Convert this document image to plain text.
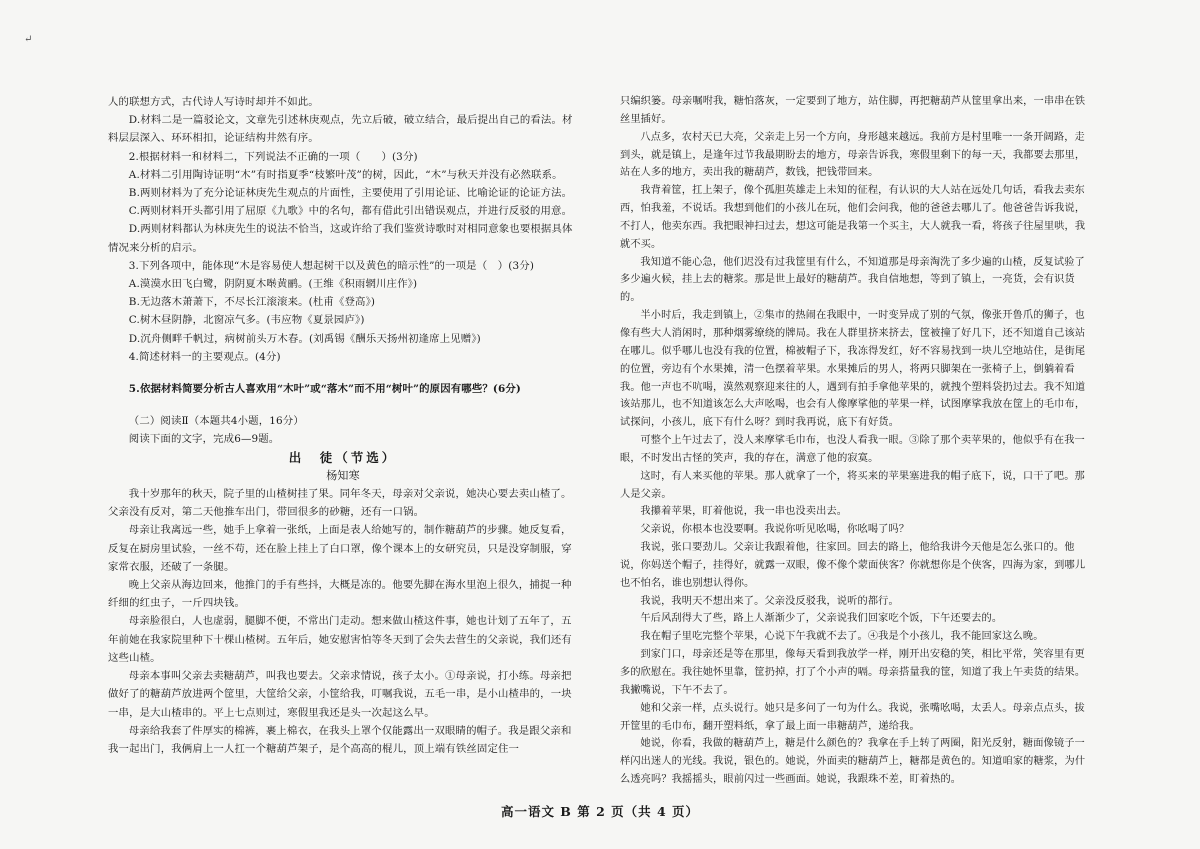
↵

人的联想方式，古代诗人写诗时却并不如此。

D.材料二是一篇驳论文，文章先引述林庚观点，先立后破，破立结合，最后提出自己的看法。材料层层深入、环环相扣，论证结构井然有序。

2.根据材料一和材料二，下列说法不正确的一项（　　）(3分)

A.材料二引用陶诗证明“木”有时指夏季“枝繁叶茂”的树，因此，“木”与秋天并没有必然联系。

B.两则材料为了充分论证林庚先生观点的片面性，主要使用了引用论证、比喻论证的论证方法。

C.两则材料开头都引用了屈原《九歌》中的名句，都有借此引出错误观点，并进行反驳的用意。

D.两则材料都认为林庚先生的说法不恰当，这或许给了我们鉴赏诗歌时对相同意象也要根据具体情况来分析的启示。

3.下列各项中，能体现“木是容易使人想起树干以及黄色的暗示性”的一项是（　）(3分)

A.漠漠水田飞白鹭，阴阴夏木啭黄鹂。(王维《积雨辋川庄作》)

B.无边落木萧萧下，不尽长江滚滚来。(杜甫《登高》)

C.树木昼阴静，北窗凉气多。(韦应物《夏景园庐》)

D.沉舟侧畔千帆过，病树前头万木春。(刘禹锡《酬乐天扬州初逢席上见赠》)

4.简述材料一的主要观点。(4分)

5.依据材料简要分析古人喜欢用“木叶”或“落木”而不用“树叶”的原因有哪些？(6分)

（二）阅读Ⅱ（本题共4小题，16分）

阅读下面的文字，完成6—9题。

出　徒（节选）

杨知寒

我十岁那年的秋天，院子里的山楂树挂了果。同年冬天，母亲对父亲说，她决心要去卖山楂了。父亲没有反对，第二天他推车出门，带回很多的砂糖，还有一口锅。

母亲让我离远一些，她手上拿着一张纸，上面是表人给她写的，制作糖葫芦的步骤。她反复看，反复在厨房里试验，一丝不苟，还在脸上挂上了白口罩，像个课本上的女研究员，只是没穿制服，穿家常衣服，还破了一条腿。

晚上父亲从海边回来，他推门的手有些抖，大概是冻的。他要先脚在海水里泡上很久，捕捉一种纤细的红虫子，一斤四块钱。

母亲脸很白，人也虚弱，腿脚不便，不常出门走动。想来做山楂这件事，她也计划了五年了，五年前她在我家院里种下十棵山楂树。五年后，她安慰害怕等冬天到了会失去营生的父亲说，我们还有这些山楂。

母亲本事叫父亲去卖糖葫芦，叫我也要去。父亲求情说，孩子太小。①母亲说，打小练。母亲把做好了的糖葫芦放进两个筐里，大筐给父亲，小筐给我，叮嘱我说，五毛一串，是小山楂串的，一块一串，是大山楂串的。平上七点则过，寒假里我还是头一次起这么早。

母亲给我套了件厚实的棉裤，裹上棉衣，在我头上罩个仅能露出一双眼睛的帽子。我是跟父亲和我一起出门，我俩肩上一人扛一个糖葫芦架子，是个高高的棍儿，顶上端有铁丝固定住一

只编织篓。母亲嘱咐我，糖怕落灰，一定要到了地方，站住脚，再把糖葫芦从筐里拿出来，一串串在铁丝里插好。

八点多，农村天已大亮，父亲走上另一个方向，身形越来越远。我前方是村里唯一一条开阔路，走到头，就是镇上，是逢年过节我最期盼去的地方，母亲告诉我，寒假里剩下的每一天，我都要去那里，站在人多的地方，卖出我的糖葫芦，数钱，把钱带回来。

我背着筐，扛上架子，像个孤胆英雄走上未知的征程，有认识的大人站在远处几句话，看我去卖东西，怕我羞，不说话。我想到他们的小孩儿在玩，他们会问我，他的爸爸去哪儿了。他爸爸告诉我说，不打人，他卖东西。我把眼神扫过去，想这可能是我第一个买主，大人就我一看，将孩子往屋里哄，我就不买。

我知道不能心急，他们迟没有过我筐里有什么，不知道那是母亲淘洗了多少遍的山楂，反复试验了多少遍火候，挂上去的糖浆。那是世上最好的糖葫芦。我自信地想，等到了镇上，一亮货，会有识货的。

半小时后，我走到镇上，②集市的热闹在我眼中，一时变异成了别的气氛，像张开鲁爪的狮子，也像有些大人消闲时，那种烟雾缭绕的牌局。我在人群里挤来挤去，筐被撞了好几下，还不知道自己该站在哪儿。似乎哪儿也没有我的位置，棉被帽子下，我冻得发红，好不容易找到一块儿空地站住，是街尾的位置，旁边有个水果摊，清一色摆着苹果。水果摊后的男人，将两只脚架在一张椅子上，倒躺着看我。他一声也不吭喝，漠然观察迎来往的人，遇到有拍手拿他苹果的，就拽个塑料袋扔过去。我不知道该站那儿，也不知道该怎么大声吆喝，也会有人像摩挲他的苹果一样，试图摩挲我放在筐上的毛巾布，试探问，小孩儿，底下有什么呀？到时我再说，底下有好货。

可整个上午过去了，没人来摩挲毛巾布，也没人看我一眼。③除了那个卖苹果的，他似乎有在我一眼，不时发出古怪的笑声，我的存在，满意了他的寂寞。

这时，有人来买他的苹果。那人就拿了一个，将买来的苹果塞进我的帽子底下，说，口干了吧。那人是父亲。

我攥着苹果，盯着他说，我一串也没卖出去。

父亲说，你根本也没要啊。我说你听见吆喝，你吆喝了吗？

我说，张口要劲儿。父亲让我跟着他，往家回。回去的路上，他给我讲今天他是怎么张口的。他说，你妈送个帽子，挂得好，就露一双眼，像不像个蒙面侠客？你就想你是个侠客，四海为家，到哪儿也不怕名，谁也别想认得你。

我说，我明天不想出来了。父亲没反驳我，说听的都行。

午后风刮得大了些，路上人渐渐少了，父亲说我们回家吃个饭，下午还要去的。

我在帽子里吃完整个苹果，心说下午我就不去了。④我是个小孩儿，我不能回家这么晚。

到家门口，母亲还是等在那里，像每天看到我放学一样，刚开出安稳的笑，相比平常，笑容里有更多的欣慰在。我往她怀里靠，筐扔掉，打了个小声的嗝。母亲搭量我的筐，知道了我上午卖货的结果。我撇嘴说，下午不去了。

她和父亲一样，点头说行。她只是多问了一句为什么。我说，张嘴吆喝，太丢人。母亲点点头，拔开筐里的毛巾布，翻开塑料纸，拿了最上面一串糖葫芦，递给我。

她说，你看，我做的糖葫芦上，糖是什么颜色的？我拿在手上转了两圈，阳光反射，糖面像镜子一样闪出迷人的光线。我说，银色的。她说，外面卖的糖葫芦上，糖都是黄色的。知道咱家的糖浆，为什么透亮吗？我摇摇头，眼前闪过一些画面。她说，我跟珠不差，盯着热的。

高一语文 B 第 2 页（共 4 页）
